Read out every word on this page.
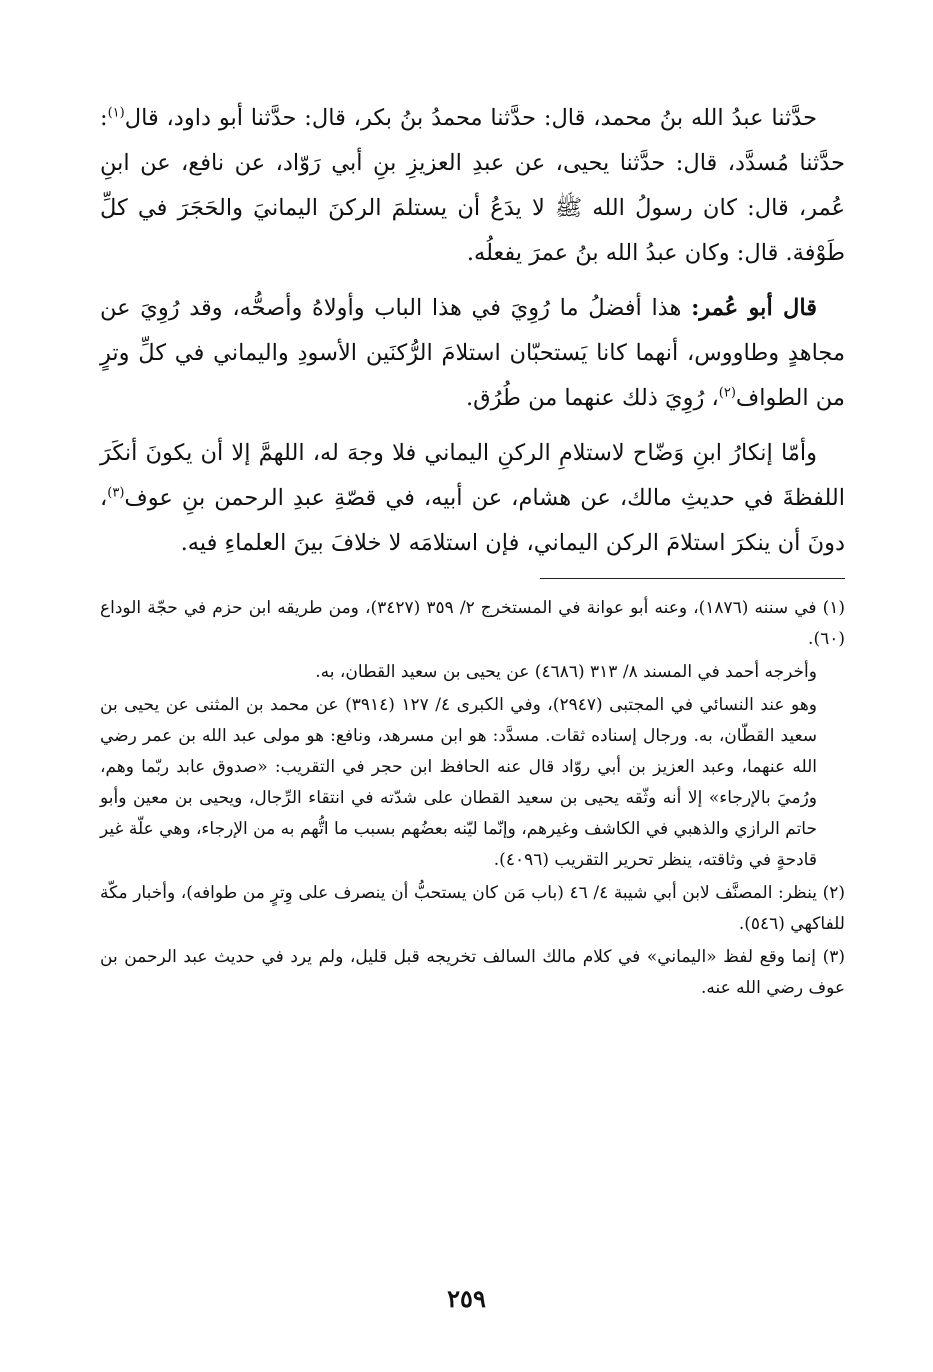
حدَّثنا عبدُ الله بنُ محمد، قال: حدَّثنا محمدُ بنُ بكر، قال: حدَّثنا أبو داود، قال$^{(١)}$: حدَّثنا مُسدَّد، قال: حدَّثنا يحيى، عن عبدِ العزيزِ بنِ أبي رَوّاد، عن نافع، عن ابنِ عُمر، قال: كان رسولُ الله ﷺ لا يدَعُ أن يستلمَ الركنَ اليمانيَ والحَجَرَ في كلِّ طَوْفة. قال: وكان عبدُ الله بنُ عمرَ يفعلُه.

قال أبو عُمر: هذا أفضلُ ما رُوِيَ في هذا الباب وأولاهُ وأصحُّه، وقد رُوِيَ عن مجاهدٍ وطاووس، أنهما كانا يَستحبّان استلامَ الرُّكنَين الأسودِ واليماني في كلِّ وترٍ من الطواف$^{(٢)}$، رُوِيَ ذلك عنهما من طُرُق.

وأمّا إنكارُ ابنِ وَضّاح لاستلامِ الركنِ اليماني فلا وجهَ له، اللهمَّ إلا أن يكونَ أنكَرَ اللفظةَ في حديثِ مالك، عن هشام، عن أبيه، في قصّةِ عبدِ الرحمن بنِ عوف$^{(٣)}$، دونَ أن ينكرَ استلامَ الركن اليماني، فإن استلامَه لا خلافَ بينَ العلماءِ فيه.

(١) في سننه (١٨٧٦)، وعنه أبو عوانة في المستخرج ٢/ ٣٥٩ (٣٤٢٧)، ومن طريقه ابن حزم في حجّة الوداع (٦٠).

وأخرجه أحمد في المسند ٨/ ٣١٣ (٤٦٨٦) عن يحيى بن سعيد القطان، به.

وهو عند النسائي في المجتبى (٢٩٤٧)، وفي الكبرى ٤/ ١٢٧ (٣٩١٤) عن محمد بن المثنى عن يحيى بن سعيد القطّان، به. ورجال إسناده ثقات. مسدَّد: هو ابن مسرهد، ونافع: هو مولى عبد الله بن عمر رضي الله عنهما، وعبد العزيز بن أبي روّاد قال عنه الحافظ ابن حجر في التقريب: «صدوق عابد ربّما وهم، ورُميَ بالإرجاء» إلا أنه وثّقه يحيى بن سعيد القطان على شدّته في انتقاء الرِّجال، ويحيى بن معين وأبو حاتم الرازي والذهبي في الكاشف وغيرهم، وإنّما ليّنه بعضُهم بسبب ما اتُّهم به من الإرجاء، وهي علّة غير قادحةٍ في وثاقته، ينظر تحرير التقريب (٤٠٩٦).

(٢) ينظر: المصنَّف لابن أبي شيبة ٤/ ٤٦ (باب مَن كان يستحبُّ أن ينصرف على وِترٍ من طوافه)، وأخبار مكّة للفاكهي (٥٤٦).

(٣) إنما وقع لفظ «اليماني» في كلام مالك السالف تخريجه قبل قليل، ولم يرد في حديث عبد الرحمن بن عوف رضي الله عنه.

٢٥٩
